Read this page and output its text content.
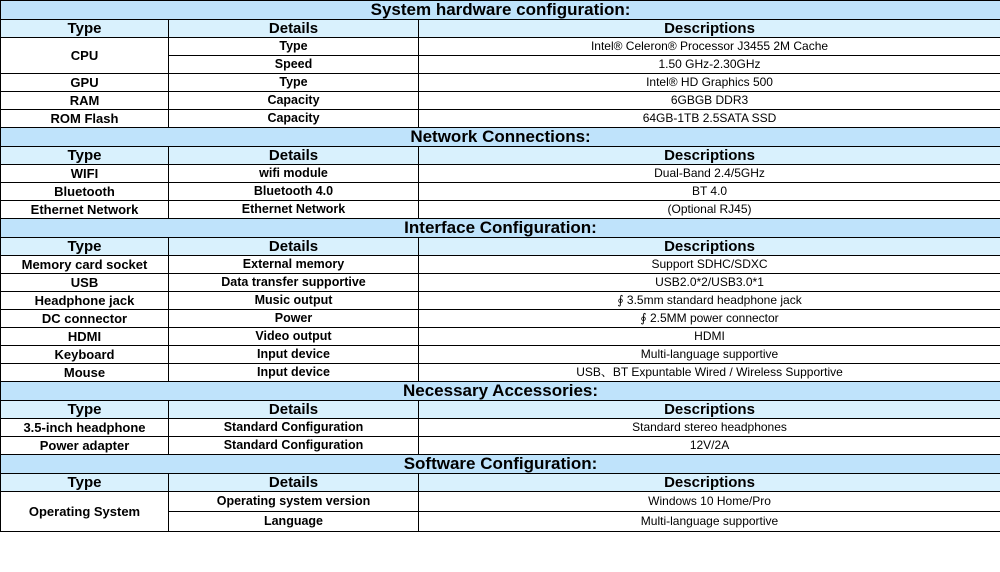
System hardware configuration:		
Type	Details	Descriptions
CPU	Type	Intel® Celeron® Processor J3455 2M Cache
	Speed	1.50 GHz-2.30GHz
GPU	Type	Intel® HD Graphics 500
RAM	Capacity	6GBGB DDR3
ROM Flash	Capacity	64GB-1TB 2.5SATA SSD
Network Connections:		
Type	Details	Descriptions
WIFI	wifi module	Dual-Band 2.4/5GHz
Bluetooth	Bluetooth 4.0	BT 4.0
Ethernet Network	Ethernet Network	(Optional RJ45)
Interface Configuration:		
Type	Details	Descriptions
Memory card socket	External memory	Support SDHC/SDXC
USB	Data transfer supportive	USB2.0*2/USB3.0*1
Headphone jack	Music output	∮ 3.5mm standard headphone jack
DC connector	Power	∮ 2.5MM power connector
HDMI	Video output	HDMI
Keyboard	Input device	Multi-language supportive
Mouse	Input device	USB、BT Expuntable Wired / Wireless Supportive
Necessary Accessories:		
Type	Details	Descriptions
3.5-inch headphone	Standard Configuration	Standard stereo headphones
Power adapter	Standard Configuration	12V/2A
Software Configuration:		
Type	Details	Descriptions
Operating System	Operating system version	Windows 10 Home/Pro
	Language	Multi-language supportive
